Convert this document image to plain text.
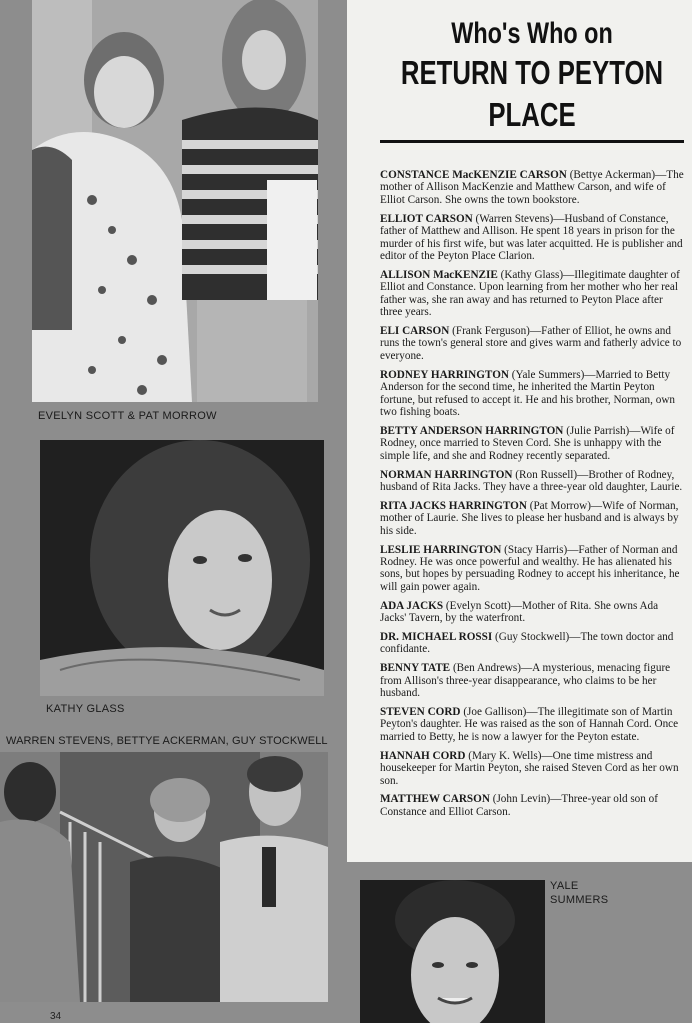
EVELYN SCOTT & PAT MORROW
KATHY GLASS
WARREN STEVENS, BETTYE ACKERMAN, GUY STOCKWELL
34
Who's Who on
RETURN TO PEYTON PLACE

CONSTANCE MacKENZIE CARSON (Bettye Ackerman)—The mother of Allison MacKenzie and Matthew Carson, and wife of Elliot Carson. She owns the town bookstore.

ELLIOT CARSON (Warren Stevens)—Husband of Constance, father of Matthew and Allison. He spent 18 years in prison for the murder of his first wife, but was later acquitted. He is publisher and editor of the Peyton Place Clarion.

ALLISON MacKENZIE (Kathy Glass)—Illegitimate daughter of Elliot and Constance. Upon learning from her mother who her real father was, she ran away and has returned to Peyton Place after three years.

ELI CARSON (Frank Ferguson)—Father of Elliot, he owns and runs the town's general store and gives warm and fatherly advice to everyone.

RODNEY HARRINGTON (Yale Summers)—Married to Betty Anderson for the second time, he inherited the Martin Peyton fortune, but refused to accept it. He and his brother, Norman, own two fishing boats.

BETTY ANDERSON HARRINGTON (Julie Parrish)—Wife of Rodney, once married to Steven Cord. She is unhappy with the simple life, and she and Rodney recently separated.

NORMAN HARRINGTON (Ron Russell)—Brother of Rodney, husband of Rita Jacks. They have a three-year old daughter, Laurie.

RITA JACKS HARRINGTON (Pat Morrow)—Wife of Norman, mother of Laurie. She lives to please her husband and is always by his side.

LESLIE HARRINGTON (Stacy Harris)—Father of Norman and Rodney. He was once powerful and wealthy. He has alienated his sons, but hopes by persuading Rodney to accept his inheritance, he will gain power again.

ADA JACKS (Evelyn Scott)—Mother of Rita. She owns Ada Jacks' Tavern, by the waterfront.

DR. MICHAEL ROSSI (Guy Stockwell)—The town doctor and confidante.

BENNY TATE (Ben Andrews)—A mysterious, menacing figure from Allison's three-year disappearance, who claims to be her husband.

STEVEN CORD (Joe Gallison)—The illegitimate son of Martin Peyton's daughter. He was raised as the son of Hannah Cord. Once married to Betty, he is now a lawyer for the Peyton estate.

HANNAH CORD (Mary K. Wells)—One time mistress and housekeeper for Martin Peyton, she raised Steven Cord as her own son.

MATTHEW CARSON (John Levin)—Three-year old son of Constance and Elliot Carson.

YALE
SUMMERS
